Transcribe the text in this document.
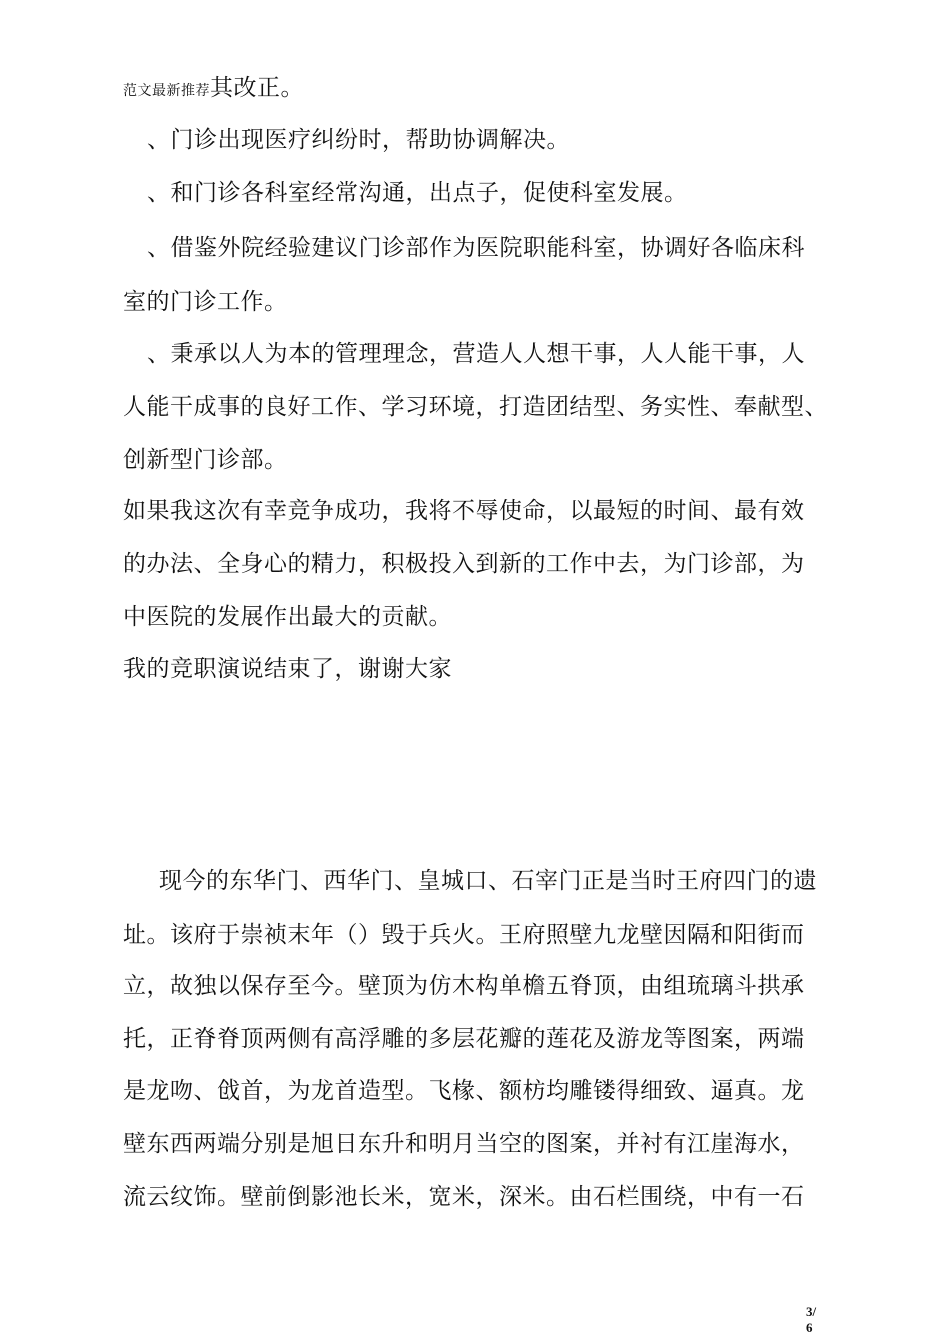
范文最新推荐其改正。
、门诊出现医疗纠纷时，帮助协调解决。
、和门诊各科室经常沟通，出点子，促使科室发展。
、借鉴外院经验建议门诊部作为医院职能科室，协调好各临床科
室的门诊工作。
、秉承以人为本的管理理念，营造人人想干事，人人能干事，人
人能干成事的良好工作、学习环境，打造团结型、务实性、奉献型、
创新型门诊部。
如果我这次有幸竞争成功，我将不辱使命，以最短的时间、最有效
的办法、全身心的精力，积极投入到新的工作中去，为门诊部，为
中医院的发展作出最大的贡献。
我的竞职演说结束了，谢谢大家
现今的东华门、西华门、皇城口、石宰门正是当时王府四门的遗
址。该府于崇祯末年（）毁于兵火。王府照壁九龙壁因隔和阳街而
立，故独以保存至今。壁顶为仿木构单檐五脊顶，由组琉璃斗拱承
托，正脊脊顶两侧有高浮雕的多层花瓣的莲花及游龙等图案，两端
是龙吻、戗首，为龙首造型。飞椽、额枋均雕镂得细致、逼真。龙
壁东西两端分别是旭日东升和明月当空的图案，并衬有江崖海水，
流云纹饰。壁前倒影池长米，宽米，深米。由石栏围绕，中有一石
3/
6
